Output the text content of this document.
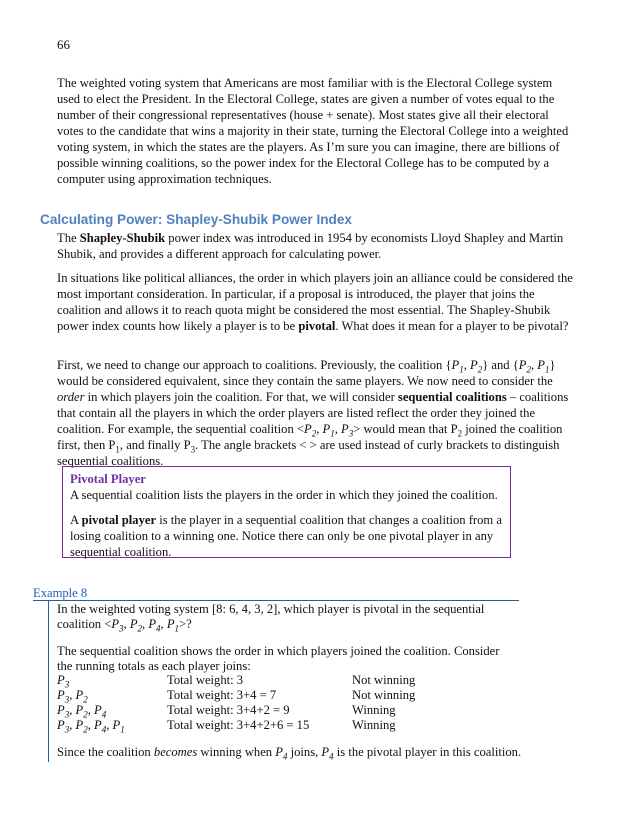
66

The weighted voting system that Americans are most familiar with is the Electoral College system used to elect the President. In the Electoral College, states are given a number of votes equal to the number of their congressional representatives (house + senate). Most states give all their electoral votes to the candidate that wins a majority in their state, turning the Electoral College into a weighted voting system, in which the states are the players. As I’m sure you can imagine, there are billions of possible winning coalitions, so the power index for the Electoral College has to be computed by a computer using approximation techniques.

Calculating Power: Shapley-Shubik Power Index

The Shapley-Shubik power index was introduced in 1954 by economists Lloyd Shapley and Martin Shubik, and provides a different approach for calculating power.

In situations like political alliances, the order in which players join an alliance could be considered the most important consideration. In particular, if a proposal is introduced, the player that joins the coalition and allows it to reach quota might be considered the most essential. The Shapley-Shubik power index counts how likely a player is to be pivotal. What does it mean for a player to be pivotal?

First, we need to change our approach to coalitions. Previously, the coalition {$P_1$, $P_2$} and {$P_2$, $P_1$} would be considered equivalent, since they contain the same players. We now need to consider the order in which players join the coalition. For that, we will consider sequential coalitions – coalitions that contain all the players in which the order players are listed reflect the order they joined the coalition. For example, the sequential coalition $<P_2$, $P_1$, $P_3>$ would mean that $P_2$ joined the coalition first, then $P_1$, and finally $P_3$. The angle brackets < > are used instead of curly brackets to distinguish sequential coalitions.

Pivotal Player

A sequential coalition lists the players in the order in which they joined the coalition.

A pivotal player is the player in a sequential coalition that changes a coalition from a losing coalition to a winning one. Notice there can only be one pivotal player in any sequential coalition.

Example 8

In the weighted voting system [8: 6, 4, 3, 2], which player is pivotal in the sequential coalition $<P_3$, $P_2$, $P_4$, $P_1>$?

The sequential coalition shows the order in which players joined the coalition. Consider the running totals as each player joins:

$P_3$	Total weight: 3	Not winning
$P_3$, $P_2$	Total weight: 3+4 = 7	Not winning
$P_3$, $P_2$, $P_4$	Total weight: 3+4+2 = 9	Winning
$P_3$, $P_2$, $P_4$, $P_1$	Total weight: 3+4+2+6 = 15	Winning

Since the coalition becomes winning when $P_4$ joins, $P_4$ is the pivotal player in this coalition.
